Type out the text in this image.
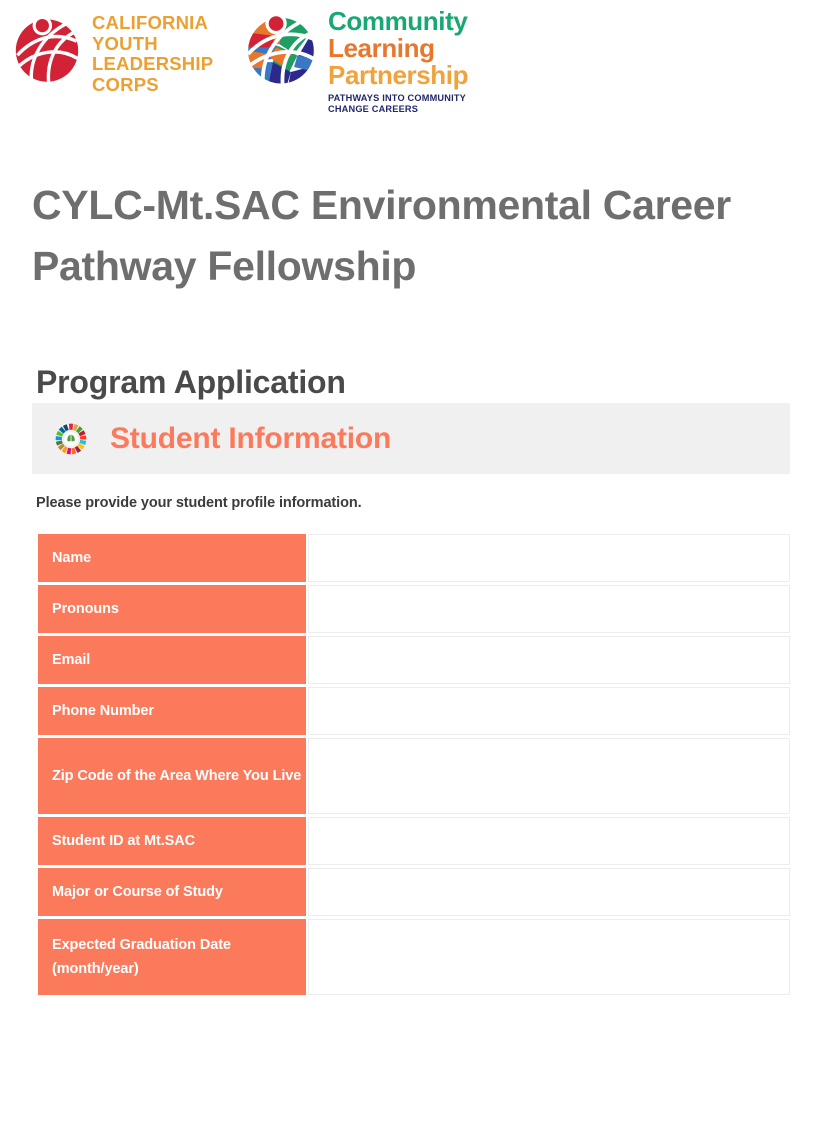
CALIFORNIA
YOUTH
LEADERSHIP
CORPS
Community
Learning
Partnership
PATHWAYS INTO COMMUNITY
CHANGE CAREERS
CYLC-Mt.SAC Environmental Career Pathway Fellowship
Program Application
Student Information
Please provide your student profile information.
Name
Pronouns
Email
Phone Number
Zip Code of the Area Where You Live
Student ID at Mt.SAC
Major or Course of Study
Expected Graduation Date (month/year)
